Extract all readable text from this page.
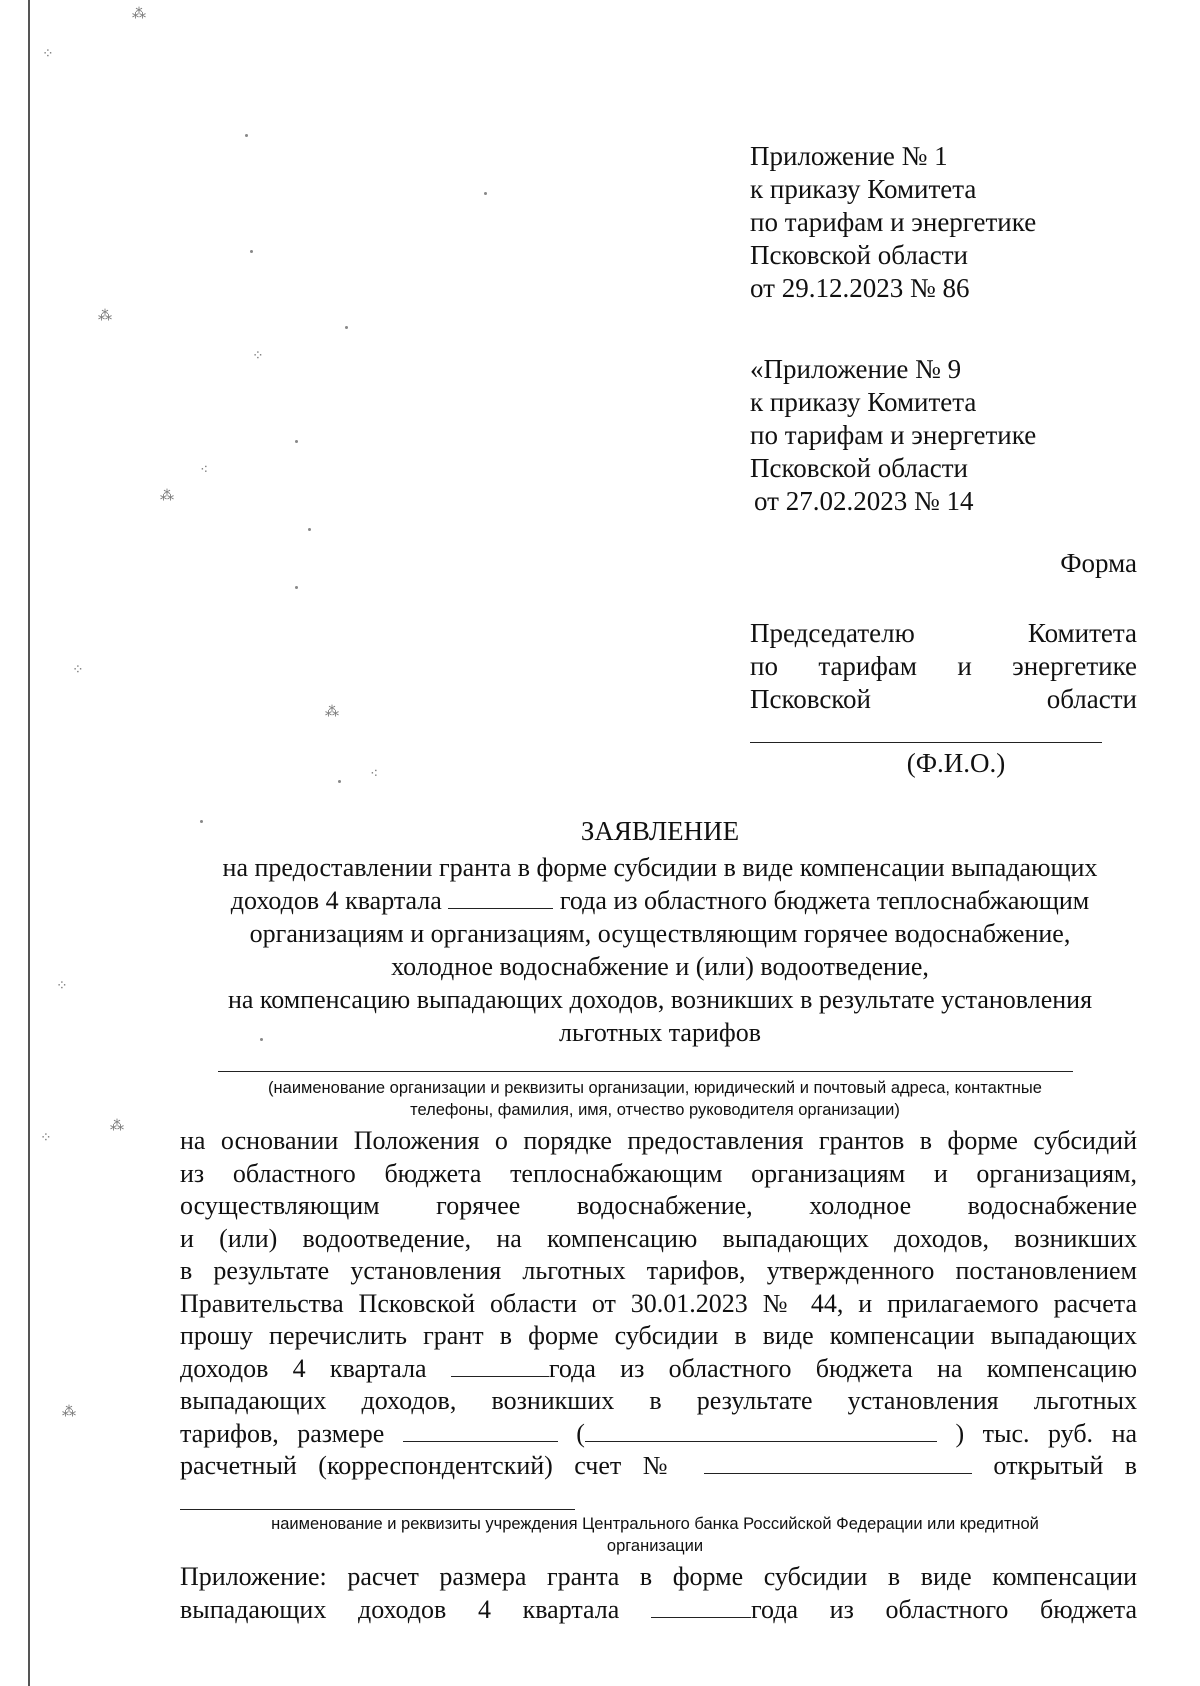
⁂
⁘
⁂
⁘
⁖
⁂
⁘
⁂
⁖
⁘
⁂
⁘
⁂
Приложение № 1
к приказу Комитета
по тарифам и энергетике
Псковской области
от 29.12.2023 № 86
«Приложение № 9
к приказу Комитета
по тарифам и энергетике
Псковской области
от 27.02.2023 № 14
Форма
Председателю	Комитета
по тарифам и энергетике
Псковской	области
(Ф.И.О.)
ЗАЯВЛЕНИЕ
на предоставлении гранта в форме субсидии в виде компенсации выпадающих
доходов 4 квартала	года из областного бюджета теплоснабжающим
организациям и организациям, осуществляющим горячее водоснабжение,
холодное водоснабжение и (или) водоотведение,
на компенсацию выпадающих доходов, возникших в результате установления
льготных тарифов
(наименование организации и реквизиты организации, юридический и почтовый адреса, контактные
телефоны, фамилия, имя, отчество руководителя организации)
на основании Положения о порядке предоставления грантов в форме субсидий
из областного бюджета теплоснабжающим организациям и организациям,
осуществляющим горячее водоснабжение, холодное водоснабжение
и (или) водоотведение, на компенсацию выпадающих доходов, возникших
в результате установления льготных тарифов, утвержденного постановлением
Правительства Псковской области от 30.01.2023 № 44, и прилагаемого расчета
прошу перечислить грант в форме субсидии в виде компенсации выпадающих
доходов 4 квартала	года из областного бюджета на компенсацию
выпадающих доходов, возникших в результате установления льготных
тарифов, размере	(	) тыс. руб. на
расчетный (корреспондентский) счет №	открытый в
наименование и реквизиты учреждения Центрального банка Российской Федерации или кредитной
организации
Приложение: расчет размера гранта в форме субсидии в виде компенсации
выпадающих доходов 4 квартала	года из областного бюджета
